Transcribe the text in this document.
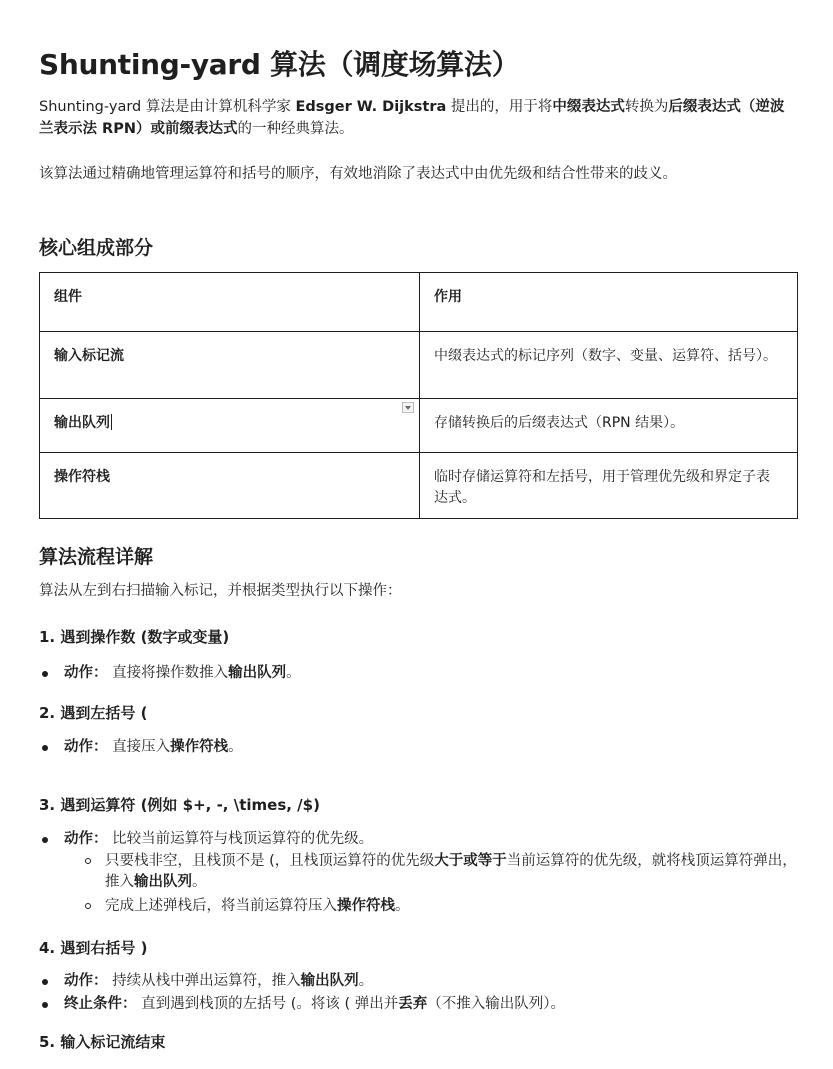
Shunting-yard 算法（调度场算法）

Shunting-yard 算法是由计算机科学家 Edsger W. Dijkstra 提出的，用于将中缀表达式转换为后缀表达式（逆波兰表示法 RPN）或前缀表达式的一种经典算法。

该算法通过精确地管理运算符和括号的顺序，有效地消除了表达式中由优先级和结合性带来的歧义。

核心组成部分
组件	作用
输入标记流	中缀表达式的标记序列（数字、变量、运算符、括号）。
输出队列	存储转换后的后缀表达式（RPN 结果）。
操作符栈	临时存储运算符和左括号，用于管理优先级和界定子表达式。
算法流程详解

算法从左到右扫描输入标记，并根据类型执行以下操作：

1. 遇到操作数 (数字或变量)
动作： 直接将操作数推入输出队列。
2. 遇到左括号 (
动作： 直接压入操作符栈。
3. 遇到运算符 (例如 $+, -, \times, /$)
动作： 比较当前运算符与栈顶运算符的优先级。
只要栈非空，且栈顶不是 (，且栈顶运算符的优先级大于或等于当前运算符的优先级，就将栈顶运算符弹出，推入输出队列。
完成上述弹栈后，将当前运算符压入操作符栈。
4. 遇到右括号 )
动作： 持续从栈中弹出运算符，推入输出队列。
终止条件： 直到遇到栈顶的左括号 (。将该 ( 弹出并丢弃（不推入输出队列）。
5. 输入标记流结束
